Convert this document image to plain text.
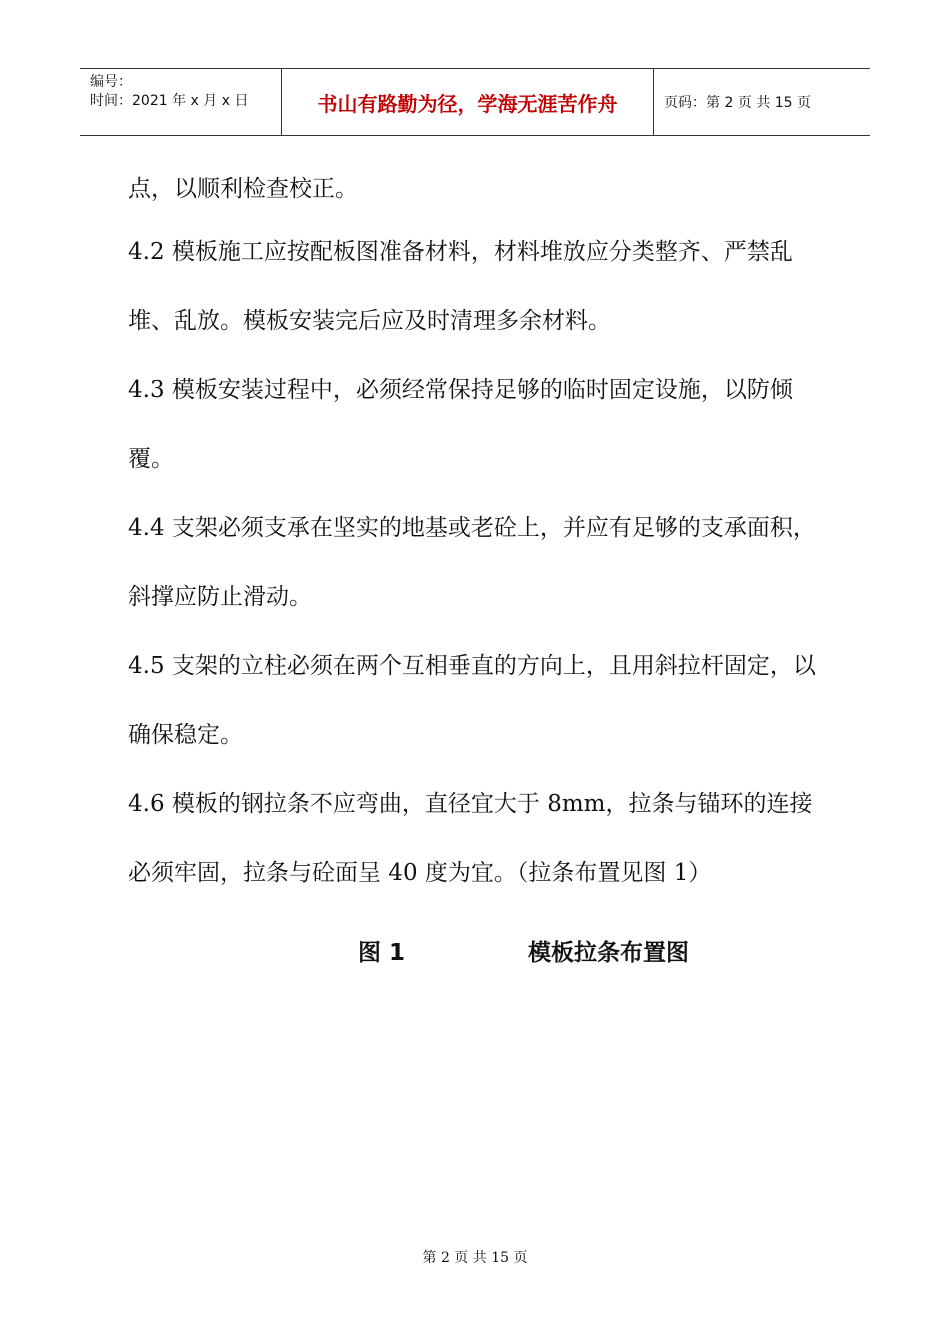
编号：
时间：2021 年 x 月 x 日	书山有路勤为径，学海无涯苦作舟	页码：第 2 页 共 15 页

点，以顺利检查校正。

4.2 模板施工应按配板图准备材料，材料堆放应分类整齐、严禁乱堆、乱放。模板安装完后应及时清理多余材料。

4.3 模板安装过程中，必须经常保持足够的临时固定设施，以防倾覆。

4.4 支架必须支承在坚实的地基或老砼上，并应有足够的支承面积，斜撑应防止滑动。

4.5 支架的立柱必须在两个互相垂直的方向上，且用斜拉杆固定，以确保稳定。

4.6 模板的钢拉条不应弯曲，直径宜大于 8mm，拉条与锚环的连接必须牢固，拉条与砼面呈 40 度为宜。（拉条布置见图 1）

图 1	模板拉条布置图
第 2 页 共 15 页
